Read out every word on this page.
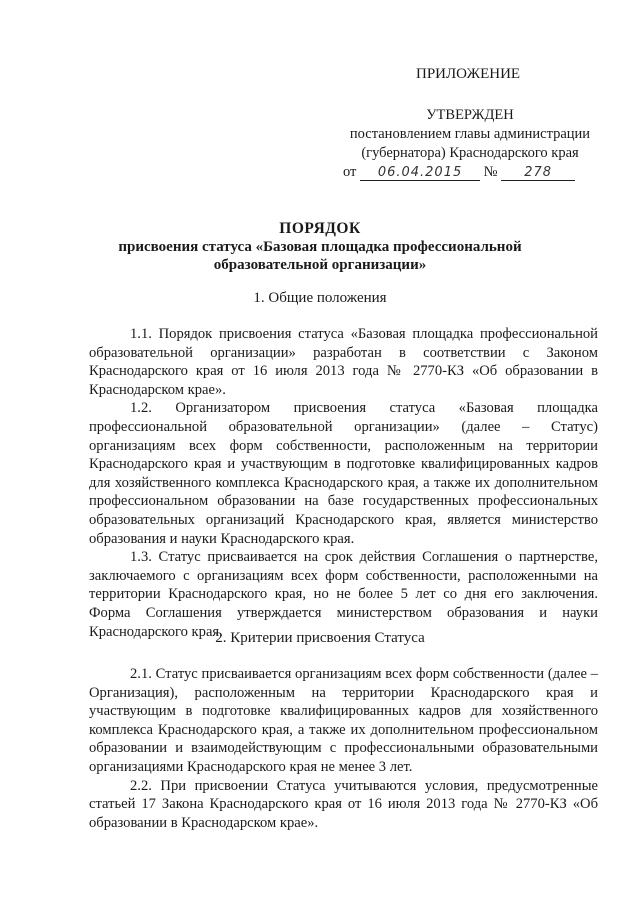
ПРИЛОЖЕНИЕ
УТВЕРЖДЕН
постановлением главы администрации
(губернатора) Краснодарского края
от 06.04.2015 № 278
ПОРЯДОК
присвоения статуса «Базовая площадка профессиональной
образовательной организации»
1. Общие положения

1.1. Порядок присвоения статуса «Базовая площадка профессиональной образовательной организации» разработан в соответствии с Законом Краснодарского края от 16 июля 2013 года № 2770-КЗ «Об образовании в Краснодарском крае».

1.2. Организатором присвоения статуса «Базовая площадка профессиональной образовательной организации» (далее – Статус) организациям всех форм собственности, расположенным на территории Краснодарского края и участвующим в подготовке квалифицированных кадров для хозяйственного комплекса Краснодарского края, а также их дополнительном профессиональном образовании на базе государственных профессиональных образовательных организаций Краснодарского края, является министерство образования и науки Краснодарского края.

1.3. Статус присваивается на срок действия Соглашения о партнерстве, заключаемого с организациям всех форм собственности, расположенными на территории Краснодарского края, но не более 5 лет со дня его заключения. Форма Соглашения утверждается министерством образования и науки Краснодарского края.

2. Критерии присвоения Статуса

2.1. Статус присваивается организациям всех форм собственности (далее – Организация), расположенным на территории Краснодарского края и участвующим в подготовке квалифицированных кадров для хозяйственного комплекса Краснодарского края, а также их дополнительном профессиональном образовании и взаимодействующим с профессиональными образовательными организациями Краснодарского края не менее 3 лет.

2.2. При присвоении Статуса учитываются условия, предусмотренные статьей 17 Закона Краснодарского края от 16 июля 2013 года № 2770-КЗ «Об образовании в Краснодарском крае».
